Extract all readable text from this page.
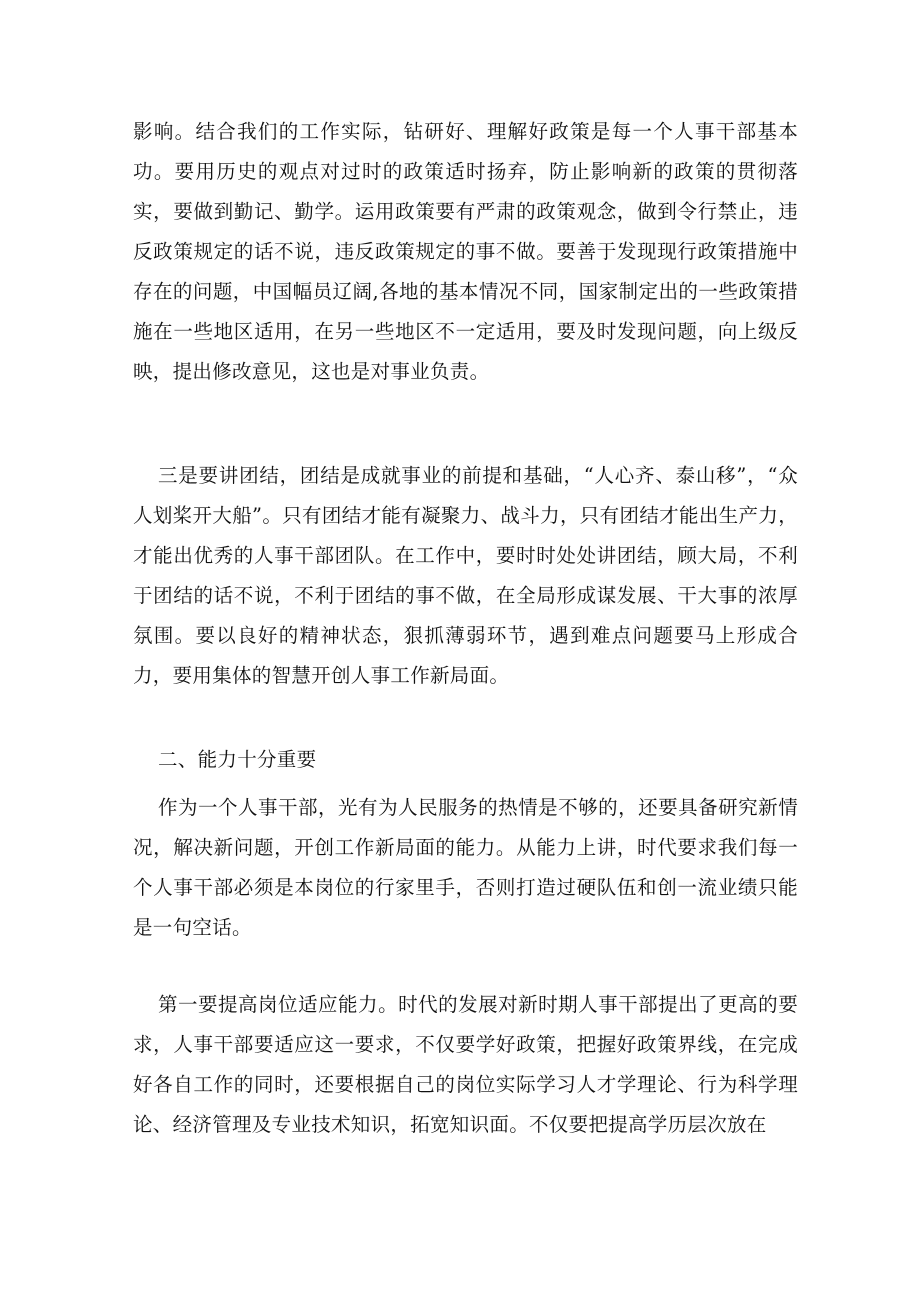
影响。结合我们的工作实际，钻研好、理解好政策是每一个人事干部基本功。要用历史的观点对过时的政策适时扬弃，防止影响新的政策的贯彻落实，要做到勤记、勤学。运用政策要有严肃的政策观念，做到令行禁止，违反政策规定的话不说，违反政策规定的事不做。要善于发现现行政策措施中存在的问题，中国幅员辽阔,各地的基本情况不同，国家制定出的一些政策措施在一些地区适用，在另一些地区不一定适用，要及时发现问题，向上级反映，提出修改意见，这也是对事业负责。

三是要讲团结，团结是成就事业的前提和基础，“人心齐、泰山移”，“众人划桨开大船”。只有团结才能有凝聚力、战斗力，只有团结才能出生产力，才能出优秀的人事干部团队。在工作中，要时时处处讲团结，顾大局，不利于团结的话不说，不利于团结的事不做，在全局形成谋发展、干大事的浓厚氛围。要以良好的精神状态，狠抓薄弱环节，遇到难点问题要马上形成合力，要用集体的智慧开创人事工作新局面。

二、能力十分重要

作为一个人事干部，光有为人民服务的热情是不够的，还要具备研究新情况，解决新问题，开创工作新局面的能力。从能力上讲，时代要求我们每一个人事干部必须是本岗位的行家里手，否则打造过硬队伍和创一流业绩只能是一句空话。

第一要提高岗位适应能力。时代的发展对新时期人事干部提出了更高的要求，人事干部要适应这一要求，不仅要学好政策，把握好政策界线，在完成好各自工作的同时，还要根据自己的岗位实际学习人才学理论、行为科学理论、经济管理及专业技术知识，拓宽知识面。不仅要把提高学历层次放在
